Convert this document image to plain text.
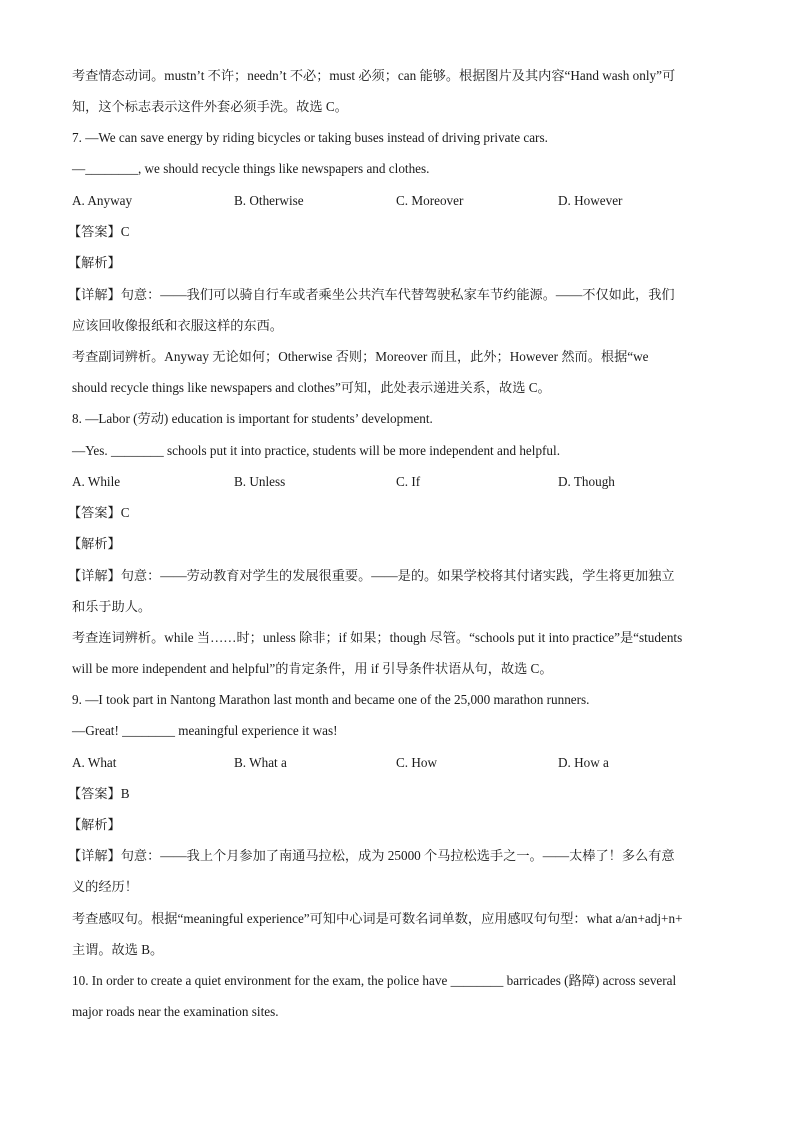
考查情态动词。mustn’t 不许；needn’t 不必；must 必须；can 能够。根据图片及其内容“Hand wash only”可
知，这个标志表示这件外套必须手洗。故选 C。
7. —We can save energy by riding bicycles or taking buses instead of driving private cars.
—________, we should recycle things like newspapers and clothes.
A. Anyway	B. Otherwise	C. Moreover	D. However
【答案】C
【解析】
【详解】句意：——我们可以骑自行车或者乘坐公共汽车代替驾驶私家车节约能源。——不仅如此，我们
应该回收像报纸和衣服这样的东西。
考查副词辨析。Anyway 无论如何；Otherwise 否则；Moreover 而且，此外；However 然而。根据“we
should recycle things like newspapers and clothes”可知，此处表示递进关系，故选 C。
8. —Labor (劳动) education is important for students’ development.
—Yes. ________ schools put it into practice, students will be more independent and helpful.
A. While	B. Unless	C. If	D. Though
【答案】C
【解析】
【详解】句意：——劳动教育对学生的发展很重要。——是的。如果学校将其付诸实践，学生将更加独立
和乐于助人。
考查连词辨析。while 当……时；unless 除非；if 如果；though 尽管。“schools put it into practice”是“students
will be more independent and helpful”的肯定条件，用 if 引导条件状语从句，故选 C。
9. —I took part in Nantong Marathon last month and became one of the 25,000 marathon runners.
—Great! ________ meaningful experience it was!
A. What	B. What a	C. How	D. How a
【答案】B
【解析】
【详解】句意：——我上个月参加了南通马拉松，成为 25000 个马拉松选手之一。——太棒了！多么有意
义的经历！
考查感叹句。根据“meaningful experience”可知中心词是可数名词单数，应用感叹句句型：what a/an+adj+n+
主谓。故选 B。
10. In order to create a quiet environment for the exam, the police have ________ barricades (路障) across several
major roads near the examination sites.
